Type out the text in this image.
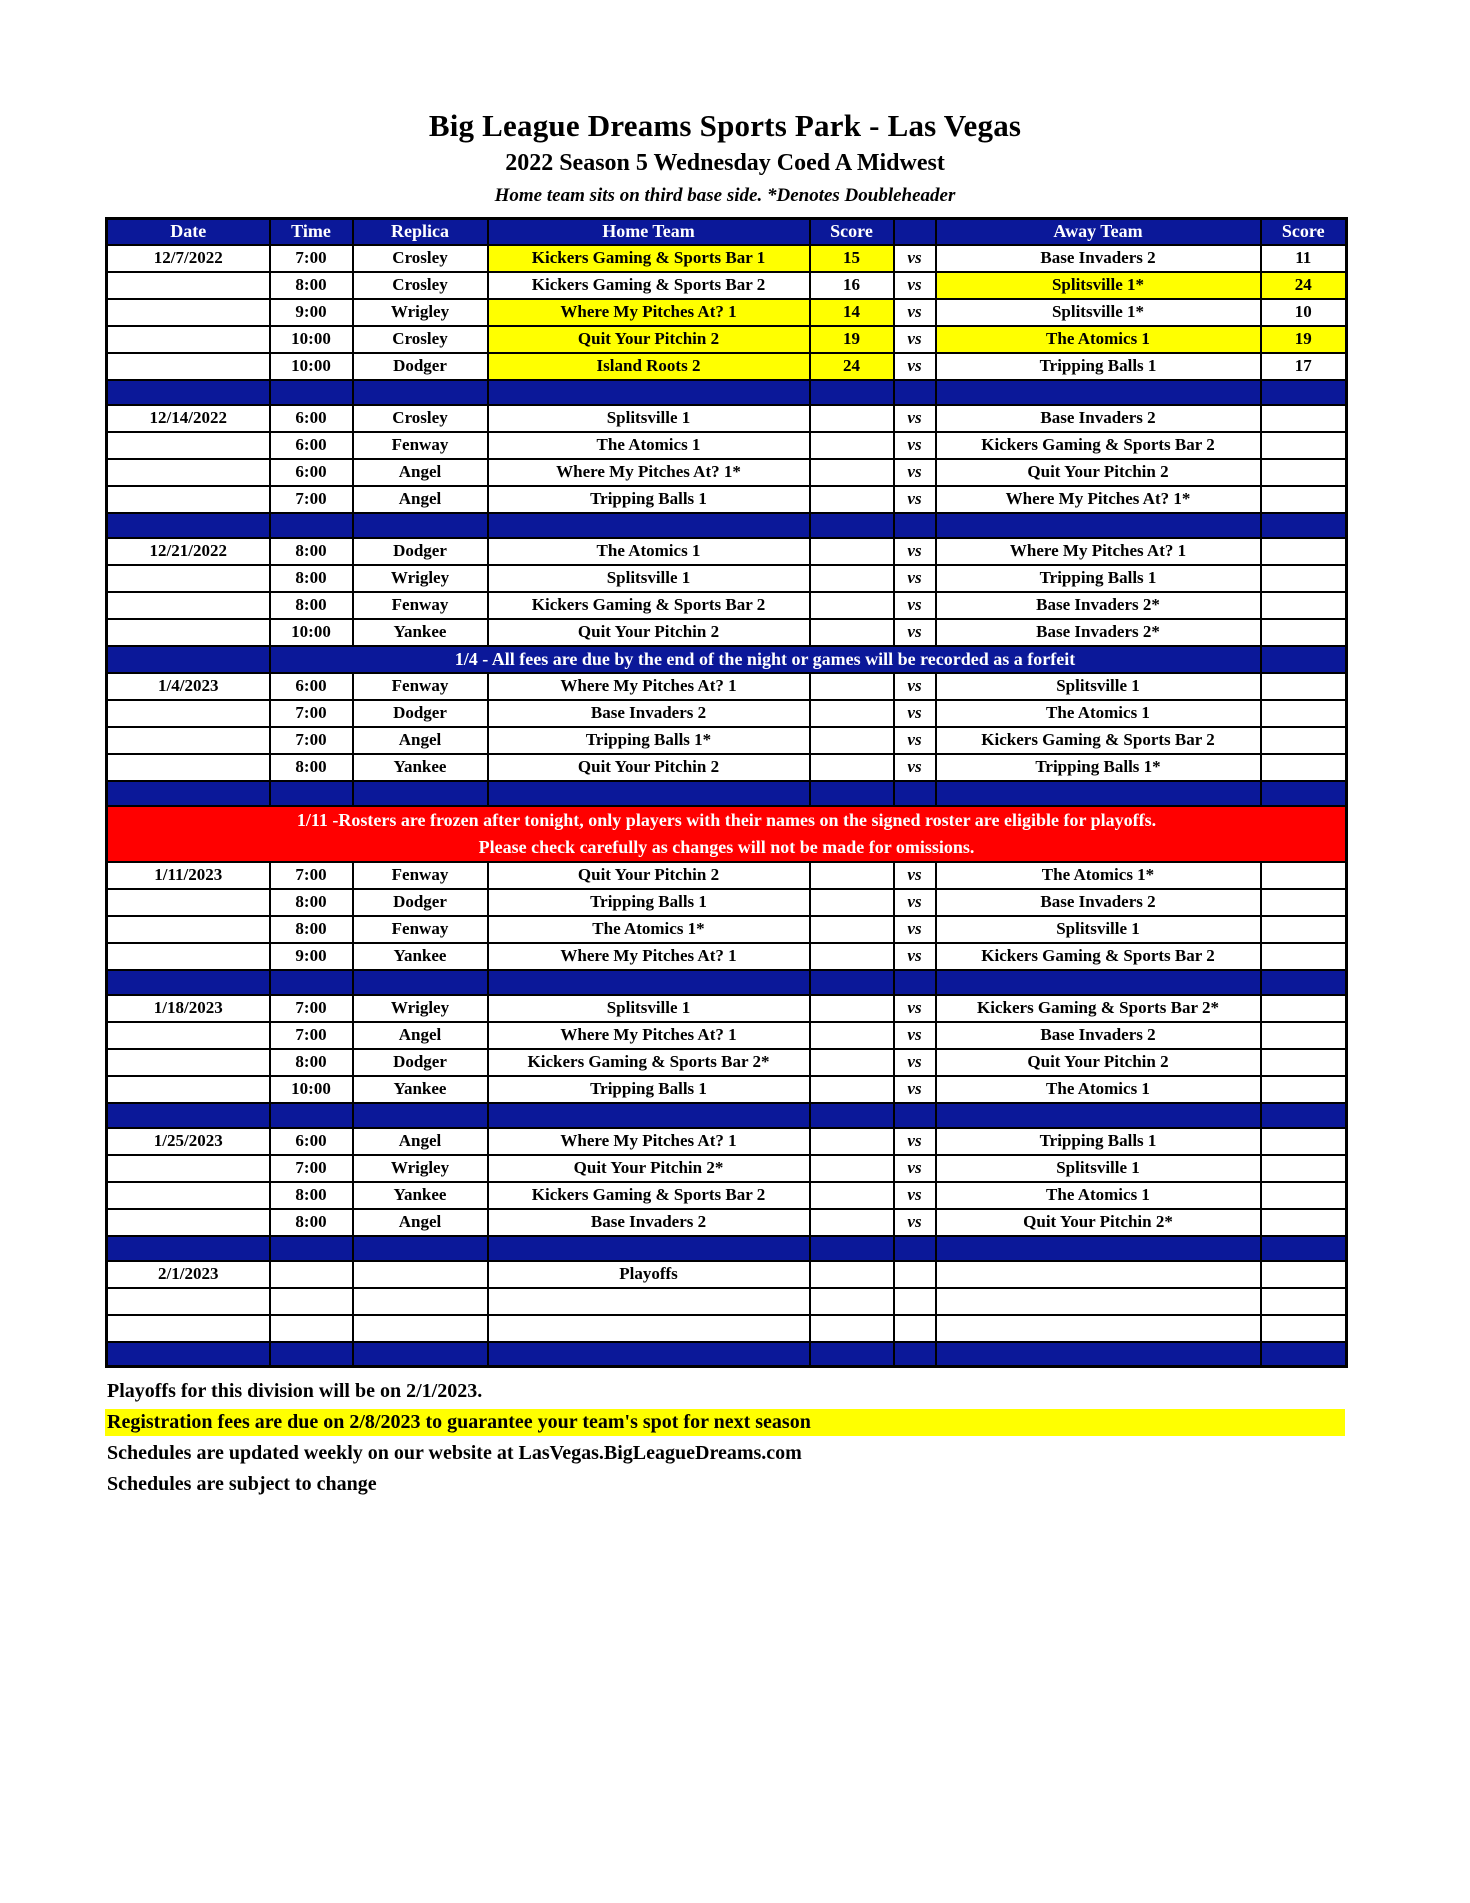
Big League Dreams Sports Park - Las Vegas
2022 Season 5 Wednesday Coed A Midwest
Home team sits on third base side. *Denotes Doubleheader
Date	Time	Replica	Home Team	Score		Away Team	Score
12/7/2022	7:00	Crosley	Kickers Gaming & Sports Bar 1	15	vs	Base Invaders 2	11
	8:00	Crosley	Kickers Gaming & Sports Bar 2	16	vs	Splitsville 1*	24
	9:00	Wrigley	Where My Pitches At? 1	14	vs	Splitsville 1*	10
	10:00	Crosley	Quit Your Pitchin 2	19	vs	The Atomics 1	19
	10:00	Dodger	Island Roots 2	24	vs	Tripping Balls 1	17

12/14/2022	6:00	Crosley	Splitsville 1		vs	Base Invaders 2	
	6:00	Fenway	The Atomics 1		vs	Kickers Gaming & Sports Bar 2	
	6:00	Angel	Where My Pitches At? 1*		vs	Quit Your Pitchin 2	
	7:00	Angel	Tripping Balls 1		vs	Where My Pitches At? 1*	

12/21/2022	8:00	Dodger	The Atomics 1		vs	Where My Pitches At? 1	
	8:00	Wrigley	Splitsville 1		vs	Tripping Balls 1	
	8:00	Fenway	Kickers Gaming & Sports Bar 2		vs	Base Invaders 2*	
	10:00	Yankee	Quit Your Pitchin 2		vs	Base Invaders 2*	
	1/4 - All fees are due by the end of the night or games will be recorded as a forfeit						
1/4/2023	6:00	Fenway	Where My Pitches At? 1		vs	Splitsville 1	
	7:00	Dodger	Base Invaders 2		vs	The Atomics 1	
	7:00	Angel	Tripping Balls 1*		vs	Kickers Gaming & Sports Bar 2	
	8:00	Yankee	Quit Your Pitchin 2		vs	Tripping Balls 1*	

1/11 -Rosters are frozen after tonight, only players with their names on the signed roster are eligible for playoffs.
Please check carefully as changes will not be made for omissions.							

1/11/2023	7:00	Fenway	Quit Your Pitchin 2		vs	The Atomics 1*	
	8:00	Dodger	Tripping Balls 1		vs	Base Invaders 2	
	8:00	Fenway	The Atomics 1*		vs	Splitsville 1	
	9:00	Yankee	Where My Pitches At? 1		vs	Kickers Gaming & Sports Bar 2	

1/18/2023	7:00	Wrigley	Splitsville 1		vs	Kickers Gaming & Sports Bar 2*	
	7:00	Angel	Where My Pitches At? 1		vs	Base Invaders 2	
	8:00	Dodger	Kickers Gaming & Sports Bar 2*		vs	Quit Your Pitchin 2	
	10:00	Yankee	Tripping Balls 1		vs	The Atomics 1	

1/25/2023	6:00	Angel	Where My Pitches At? 1		vs	Tripping Balls 1	
	7:00	Wrigley	Quit Your Pitchin 2*		vs	Splitsville 1	
	8:00	Yankee	Kickers Gaming & Sports Bar 2		vs	The Atomics 1	
	8:00	Angel	Base Invaders 2		vs	Quit Your Pitchin 2*	

2/1/2023			Playoffs				

Playoffs for this division will be on 2/1/2023.
Registration fees are due on 2/8/2023 to guarantee your team's spot for next season
Schedules are updated weekly on our website at LasVegas.BigLeagueDreams.com
Schedules are subject to change
